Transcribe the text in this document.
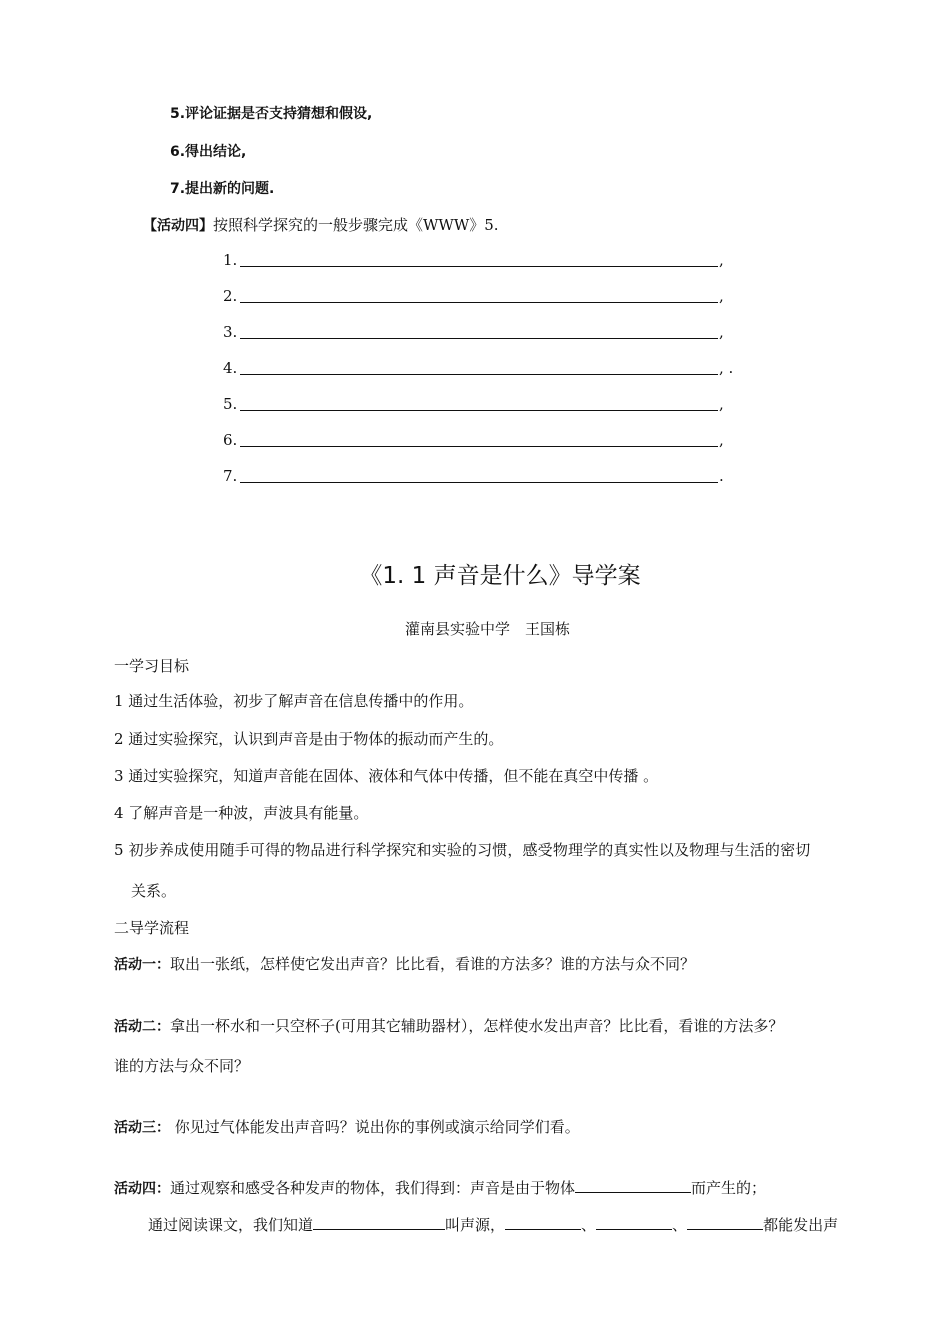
5.评论证据是否支持猜想和假设,
6.得出结论,
7.提出新的问题.
【活动四】按照科学探究的一般步骤完成《WWW》5.
1.	,
2.	,
3.	,
4.	, .
5.	,
6.	,
7.	.
《1. 1 声音是什么》导学案
灌南县实验中学　王国栋
一学习目标
1 通过生活体验，初步了解声音在信息传播中的作用。
2 通过实验探究，认识到声音是由于物体的振动而产生的。
3 通过实验探究，知道声音能在固体、液体和气体中传播，但不能在真空中传播 。
4 了解声音是一种波，声波具有能量。
5 初步养成使用随手可得的物品进行科学探究和实验的习惯，感受物理学的真实性以及物理与生活的密切
关系。
二导学流程
活动一：取出一张纸，怎样使它发出声音？比比看，看谁的方法多？谁的方法与众不同？
活动二：拿出一杯水和一只空杯子(可用其它辅助器材），怎样使水发出声音？比比看，看谁的方法多？
谁的方法与众不同？
活动三： 你见过气体能发出声音吗？说出你的事例或演示给同学们看。
活动四：通过观察和感受各种发声的物体，我们得到：声音是由于物体	而产生的；
通过阅读课文，我们知道	叫声源，	、	、	都能发出声
